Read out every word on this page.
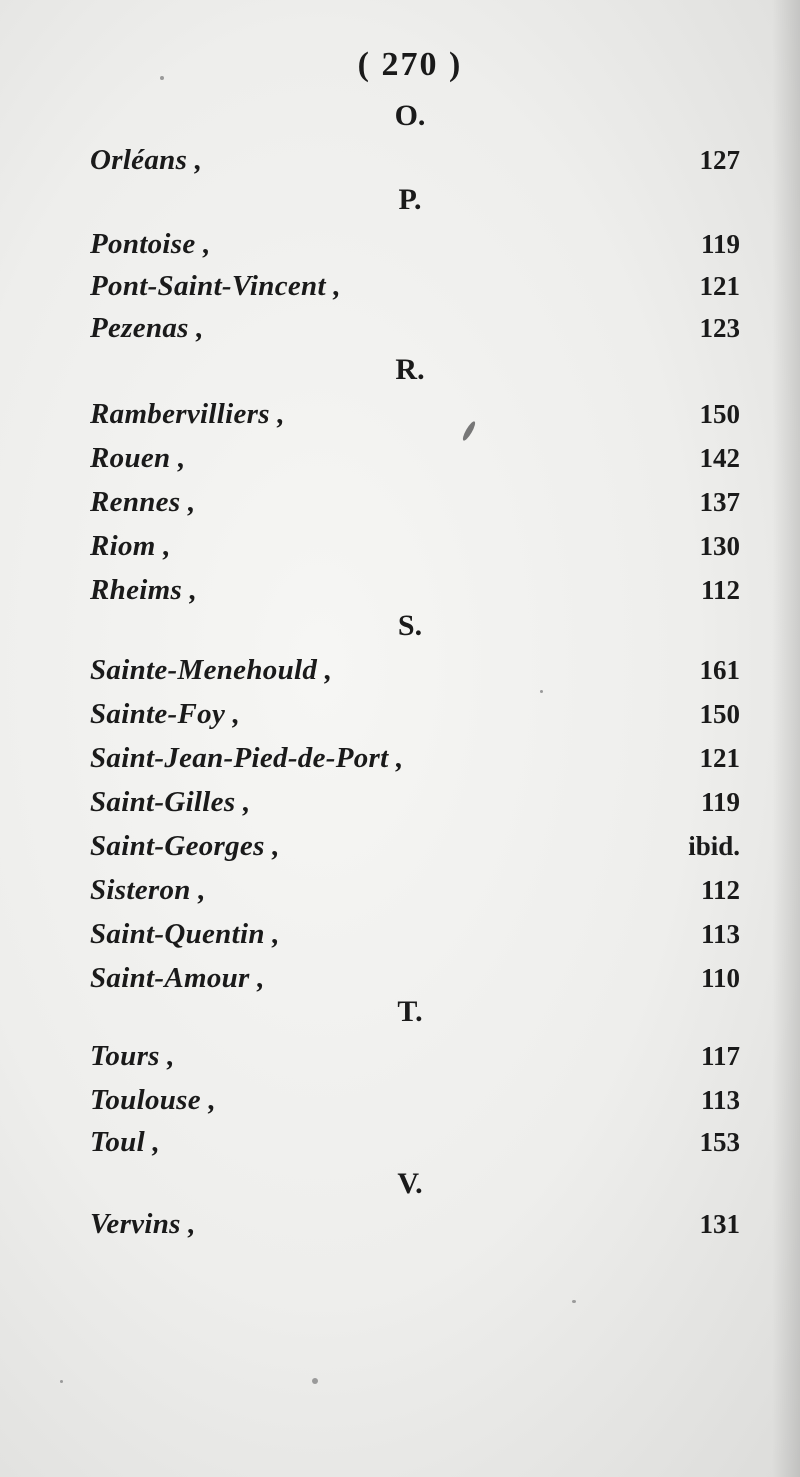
( 270 )
O.
Orléans ,	127
P.
Pontoise ,	119
Pont-Saint-Vincent ,	121
Pezenas ,	123
R.
Rambervilliers ,	150
Rouen ,	142
Rennes ,	137
Riom ,	130
Rheims ,	112
S.
Sainte-Menehould ,	161
Sainte-Foy ,	150
Saint-Jean-Pied-de-Port ,	121
Saint-Gilles ,	119
Saint-Georges ,	ibid.
Sisteron ,	112
Saint-Quentin ,	113
Saint-Amour ,	110
T.
Tours ,	117
Toulouse ,	113
Toul ,	153
V.
Vervins ,	131
